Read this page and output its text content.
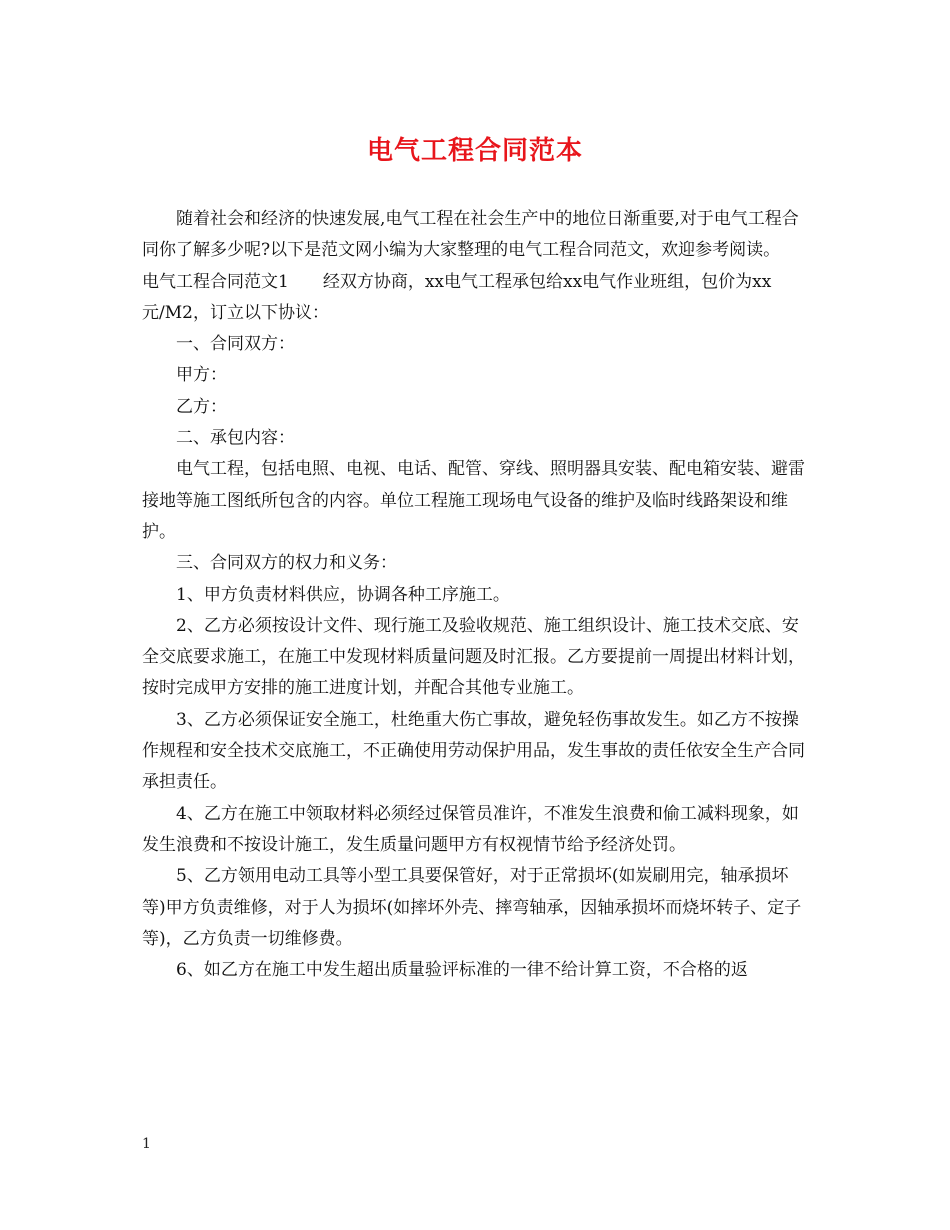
电气工程合同范本

随着社会和经济的快速发展,电气工程在社会生产中的地位日渐重要,对于电气工程合同你了解多少呢?以下是范文网小编为大家整理的电气工程合同范文，欢迎参考阅读。

电气工程合同范文1　　经双方协商，xx电气工程承包给xx电气作业班组，包价为xx元/M2，订立以下协议：

一、合同双方：

甲方：

乙方：

二、承包内容：

电气工程，包括电照、电视、电话、配管、穿线、照明器具安装、配电箱安装、避雷接地等施工图纸所包含的内容。单位工程施工现场电气设备的维护及临时线路架设和维护。

三、合同双方的权力和义务：

1、甲方负责材料供应，协调各种工序施工。

2、乙方必须按设计文件、现行施工及验收规范、施工组织设计、施工技术交底、安全交底要求施工，在施工中发现材料质量问题及时汇报。乙方要提前一周提出材料计划，按时完成甲方安排的施工进度计划，并配合其他专业施工。

3、乙方必须保证安全施工，杜绝重大伤亡事故，避免轻伤事故发生。如乙方不按操作规程和安全技术交底施工，不正确使用劳动保护用品，发生事故的责任依安全生产合同承担责任。

4、乙方在施工中领取材料必须经过保管员准许，不准发生浪费和偷工减料现象，如发生浪费和不按设计施工，发生质量问题甲方有权视情节给予经济处罚。

5、乙方领用电动工具等小型工具要保管好，对于正常损坏(如炭刷用完，轴承损坏等)甲方负责维修，对于人为损坏(如摔坏外壳、摔弯轴承，因轴承损坏而烧坏转子、定子等)，乙方负责一切维修费。

6、如乙方在施工中发生超出质量验评标准的一律不给计算工资，不合格的返

1
